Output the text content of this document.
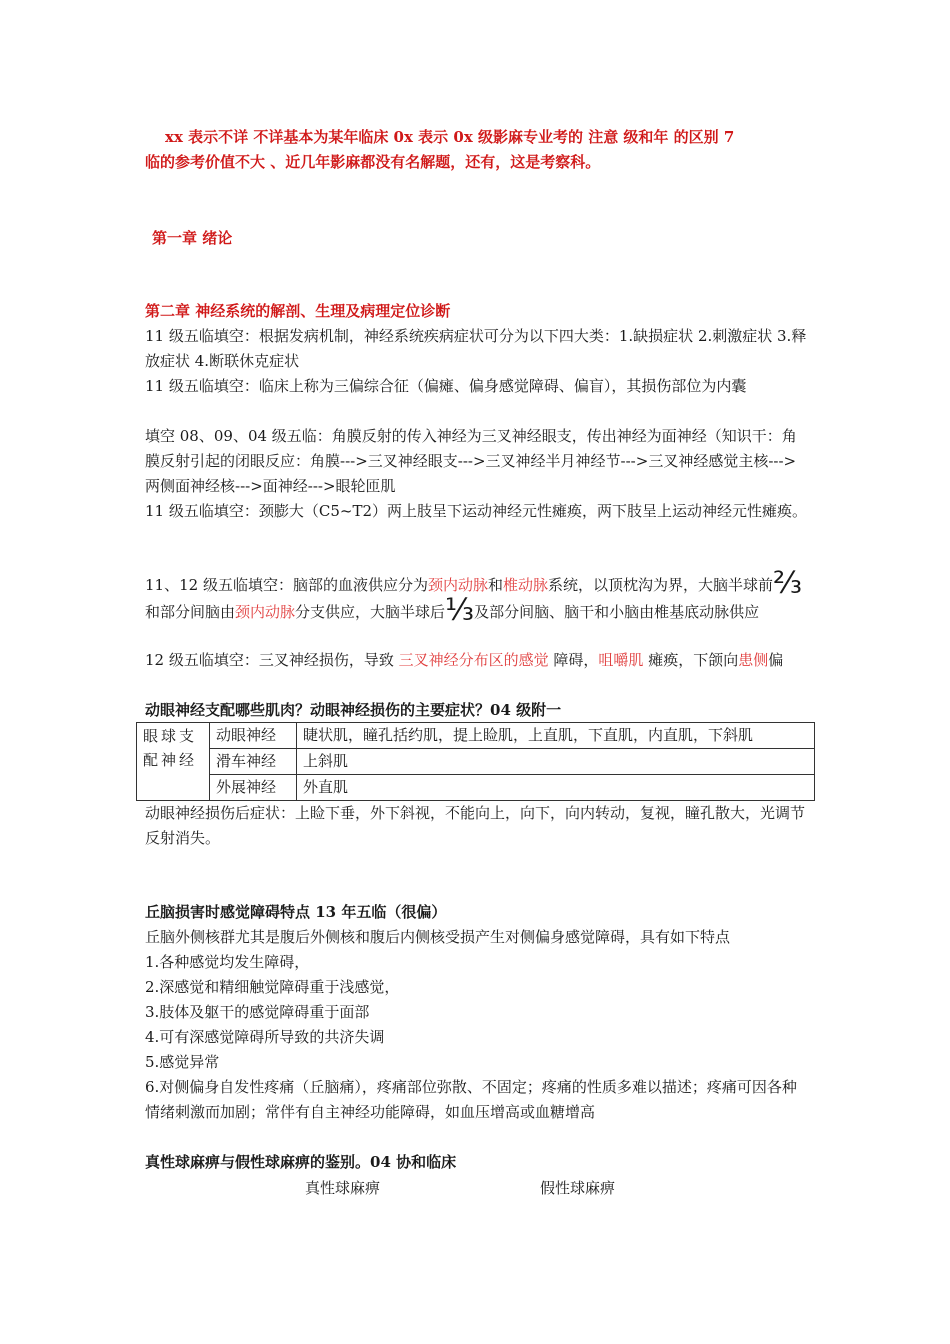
xx 表示不详 不详基本为某年临床 0x 表示 0x 级影麻专业考的 注意 级和年 的区别 7
临的参考价值不大 、近几年影麻都没有名解题，还有，这是考察科。
第一章 绪论
第二章 神经系统的解剖、生理及病理定位诊断
11 级五临填空：根据发病机制，神经系统疾病症状可分为以下四大类：1.缺损症状 2.刺激症状 3.释放症状 4.断联休克症状
11 级五临填空：临床上称为三偏综合征（偏瘫、偏身感觉障碍、偏盲），其损伤部位为内囊
填空 08、09、04 级五临：角膜反射的传入神经为三叉神经眼支，传出神经为面神经（知识干：角膜反射引起的闭眼反应：角膜--->三叉神经眼支--->三叉神经半月神经节--->三叉神经感觉主核--->两侧面神经核--->面神经--->眼轮匝肌
11 级五临填空：颈膨大（C5~T2）两上肢呈下运动神经元性瘫痪，两下肢呈上运动神经元性瘫痪。
11、12 级五临填空：脑部的血液供应分为颈内动脉和椎动脉系统，以顶枕沟为界，大脑半球前⅔和部分间脑由颈内动脉分支供应，大脑半球后⅓及部分间脑、脑干和小脑由椎基底动脉供应
12 级五临填空：三叉神经损伤，导致 三叉神经分布区的感觉 障碍，咀嚼肌 瘫痪，下颌向患侧偏
动眼神经支配哪些肌肉？动眼神经损伤的主要症状？04 级附一
眼球支配神经	动眼神经	睫状肌，瞳孔括约肌，提上睑肌，上直肌，下直肌，内直肌，下斜肌
	滑车神经	上斜肌
	外展神经	外直肌
动眼神经损伤后症状：上睑下垂，外下斜视，不能向上，向下，向内转动，复视，瞳孔散大，光调节反射消失。
丘脑损害时感觉障碍特点 13 年五临（很偏）
丘脑外侧核群尤其是腹后外侧核和腹后内侧核受损产生对侧偏身感觉障碍，具有如下特点
1.各种感觉均发生障碍，
2.深感觉和精细触觉障碍重于浅感觉，
3.肢体及躯干的感觉障碍重于面部
4.可有深感觉障碍所导致的共济失调
5.感觉异常
6.对侧偏身自发性疼痛（丘脑痛），疼痛部位弥散、不固定；疼痛的性质多难以描述；疼痛可因各种情绪刺激而加剧；常伴有自主神经功能障碍，如血压增高或血糖增高
真性球麻痹与假性球麻痹的鉴别。04 协和临床
真性球麻痹	假性球麻痹
